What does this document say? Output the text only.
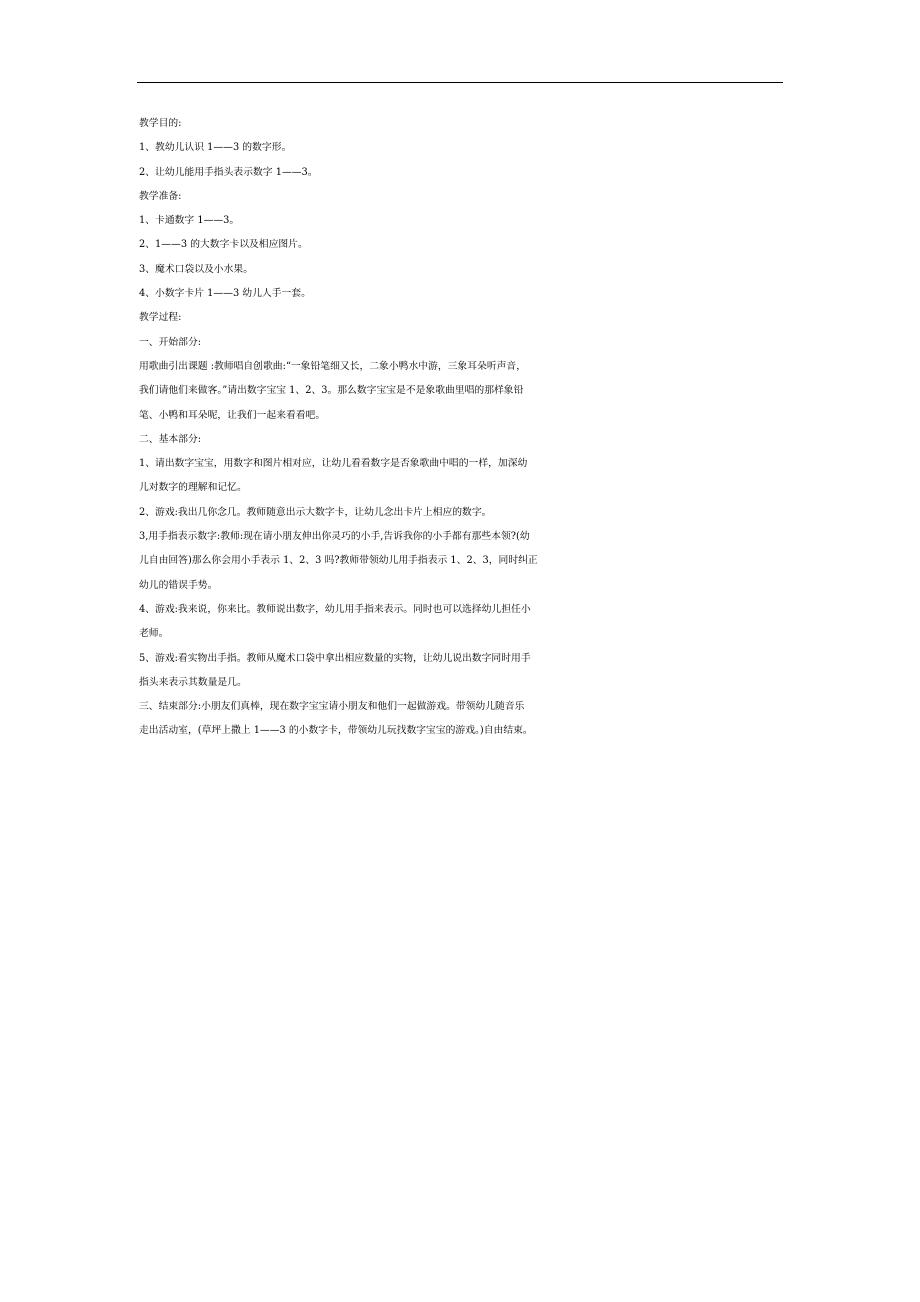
教学目的:
1、教幼儿认识 1——3 的数字形。
2、让幼儿能用手指头表示数字 1——3。
教学准备:
1、卡通数字 1——3。
2、1——3 的大数字卡以及相应图片。
3、魔术口袋以及小水果。
4、小数字卡片 1——3 幼儿人手一套。
教学过程:
一、开始部分:
用歌曲引出课题 :教师唱自创歌曲:“一象铅笔细又长，二象小鸭水中游，三象耳朵听声音，
我们请他们来做客。”请出数字宝宝 1、2、3。那么数字宝宝是不是象歌曲里唱的那样象铅
笔、小鸭和耳朵呢，让我们一起来看看吧。
二、基本部分:
1、请出数字宝宝，用数字和图片相对应，让幼儿看看数字是否象歌曲中唱的一样，加深幼
儿对数字的理解和记忆。
2、游戏:我出几你念几。教师随意出示大数字卡，让幼儿念出卡片上相应的数字。
3,用手指表示数字:教师:现在请小朋友伸出你灵巧的小手,告诉我你的小手都有那些本领?(幼
儿自由回答)那么你会用小手表示 1、2、3 吗?教师带领幼儿用手指表示 1、2、3，同时纠正
幼儿的错误手势。
4、游戏:我来说，你来比。教师说出数字，幼儿用手指来表示。同时也可以选择幼儿担任小
老师。
5、游戏:看实物出手指。教师从魔术口袋中拿出相应数量的实物，让幼儿说出数字同时用手
指头来表示其数量是几。
三、结束部分:小朋友们真棒，现在数字宝宝请小朋友和他们一起做游戏。带领幼儿随音乐
走出活动室，(草坪上撒上 1——3 的小数字卡，带领幼儿玩找数字宝宝的游戏。)自由结束。
